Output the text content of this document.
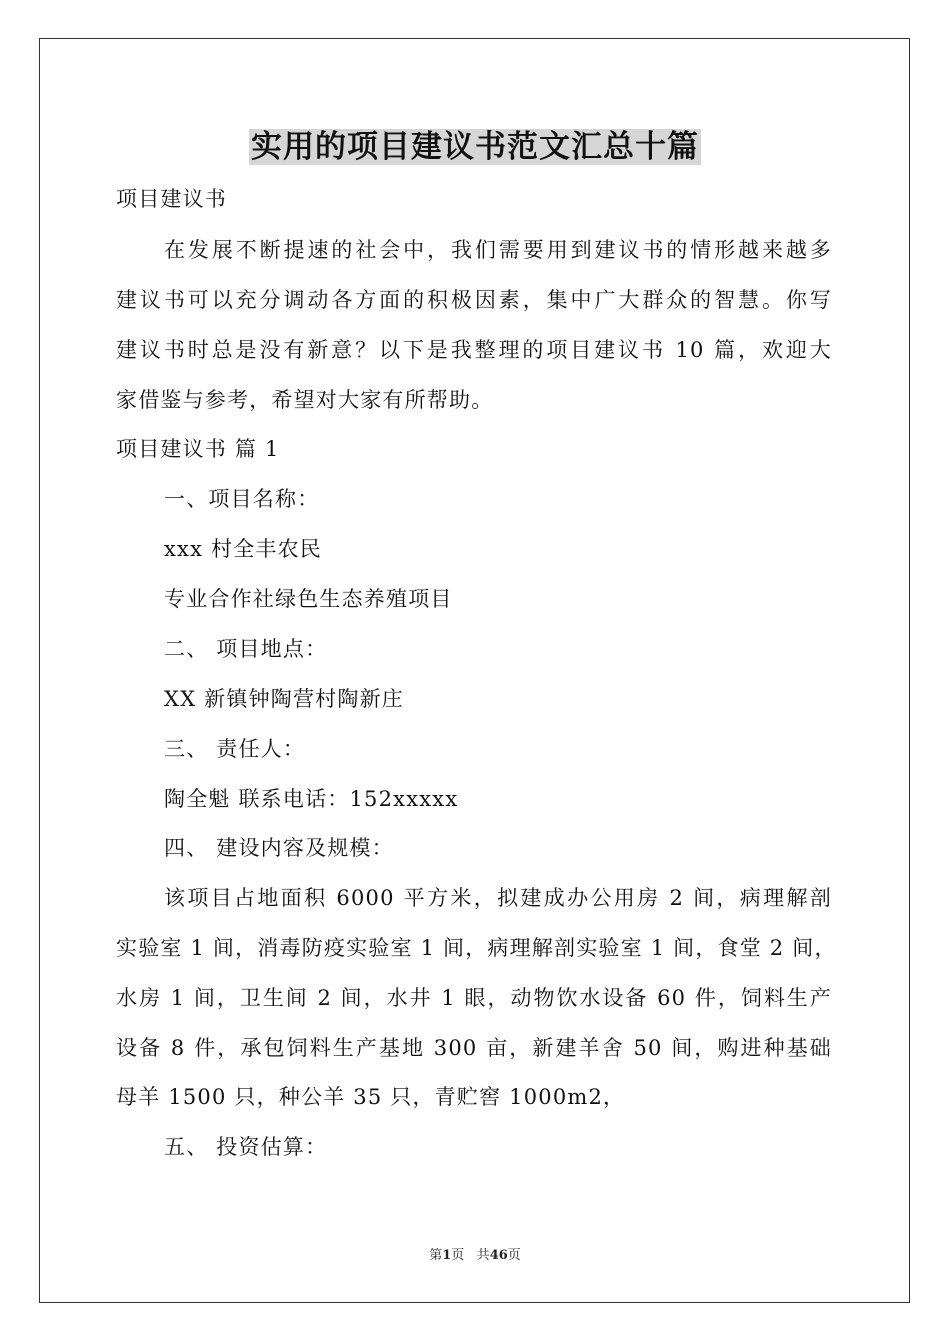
实用的项目建议书范文汇总十篇
项目建议书
在发展不断提速的社会中，我们需要用到建议书的情形越来越多
建议书可以充分调动各方面的积极因素，集中广大群众的智慧。你写
建议书时总是没有新意？以下是我整理的项目建议书 10 篇，欢迎大
家借鉴与参考，希望对大家有所帮助。
项目建议书 篇 1
一、项目名称：
xxx 村全丰农民
专业合作社绿色生态养殖项目
二、 项目地点：
XX 新镇钟陶营村陶新庄
三、 责任人：
陶全魁 联系电话：152xxxxx
四、 建设内容及规模：
该项目占地面积 6000 平方米，拟建成办公用房 2 间，病理解剖
实验室 1 间，消毒防疫实验室 1 间，病理解剖实验室 1 间，食堂 2 间，
水房 1 间，卫生间 2 间，水井 1 眼，动物饮水设备 60 件，饲料生产
设备 8 件，承包饲料生产基地 300 亩，新建羊舍 50 间，购进种基础
母羊 1500 只，种公羊 35 只，青贮窖 1000m2，
五、 投资估算：
第1页 共46页
